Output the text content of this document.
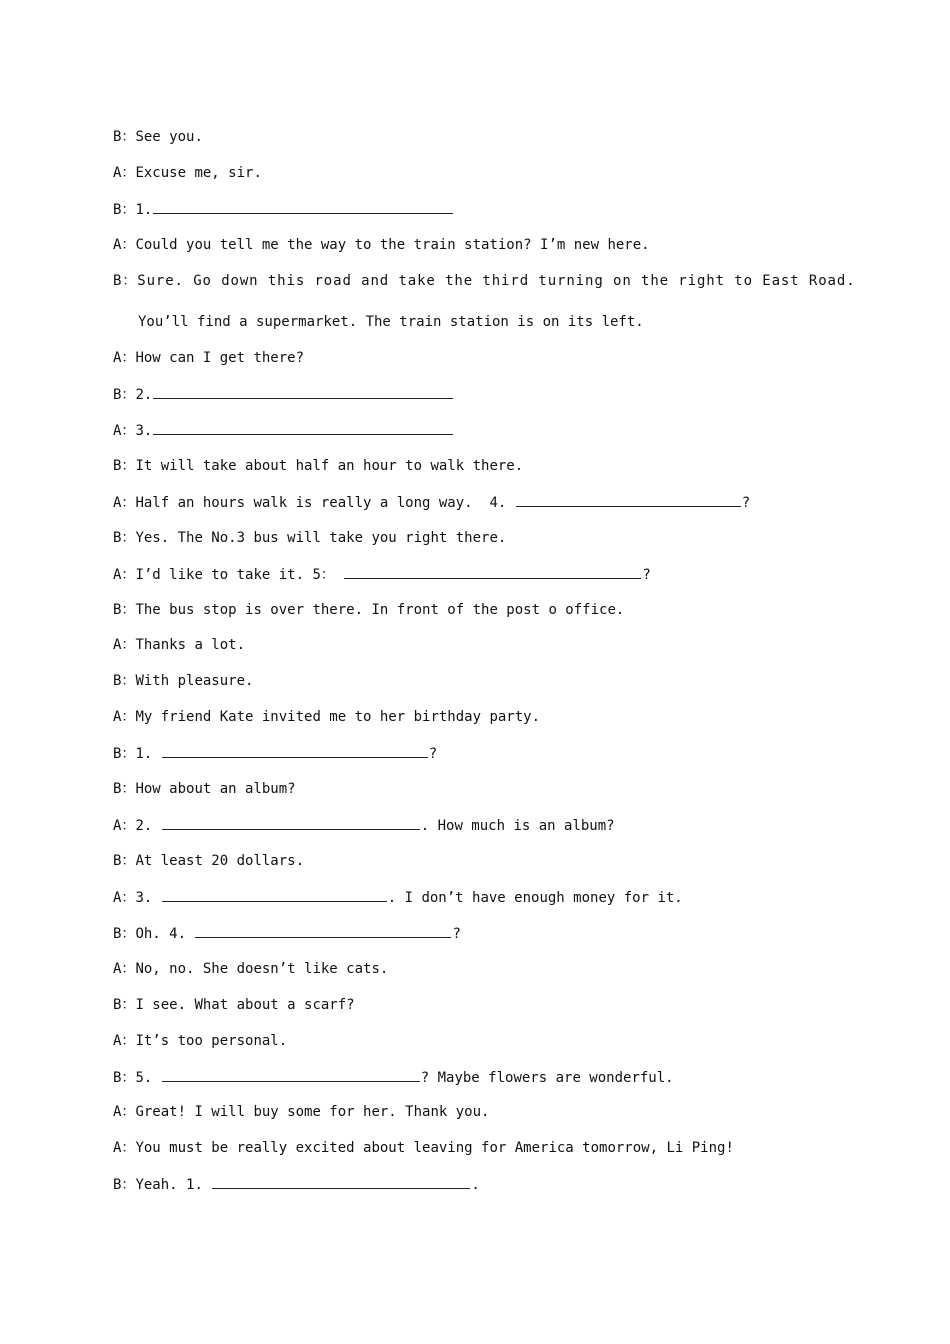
B：See you.
A：Excuse me, sir.
B：1.
A：Could you tell me the way to the train station? I’m new here.
B：Sure. Go down this road and take the third turning on the right to East Road.
You’ll find a supermarket. The train station is on its left.
A：How can I get there?
B：2.
A：3.
B：It will take about half an hour to walk there.
A：Half an hours walk is really a long way.  4.	?
B：Yes. The No.3 bus will take you right there.
A：I’d like to take it. 5：	?
B：The bus stop is over there. In front of the post o office.
A：Thanks a lot.
B：With pleasure.
A：My friend Kate invited me to her birthday party.
B：1.	?
B：How about an album?
A：2.	. How much is an album?
B：At least 20 dollars.
A：3.	. I don’t have enough money for it.
B：Oh. 4.	?
A：No, no. She doesn’t like cats.
B：I see. What about a scarf?
A：It’s too personal.
B：5.	? Maybe flowers are wonderful.
A：Great! I will buy some for her. Thank you.
A：You must be really excited about leaving for America tomorrow, Li Ping!
B：Yeah. 1.	.
